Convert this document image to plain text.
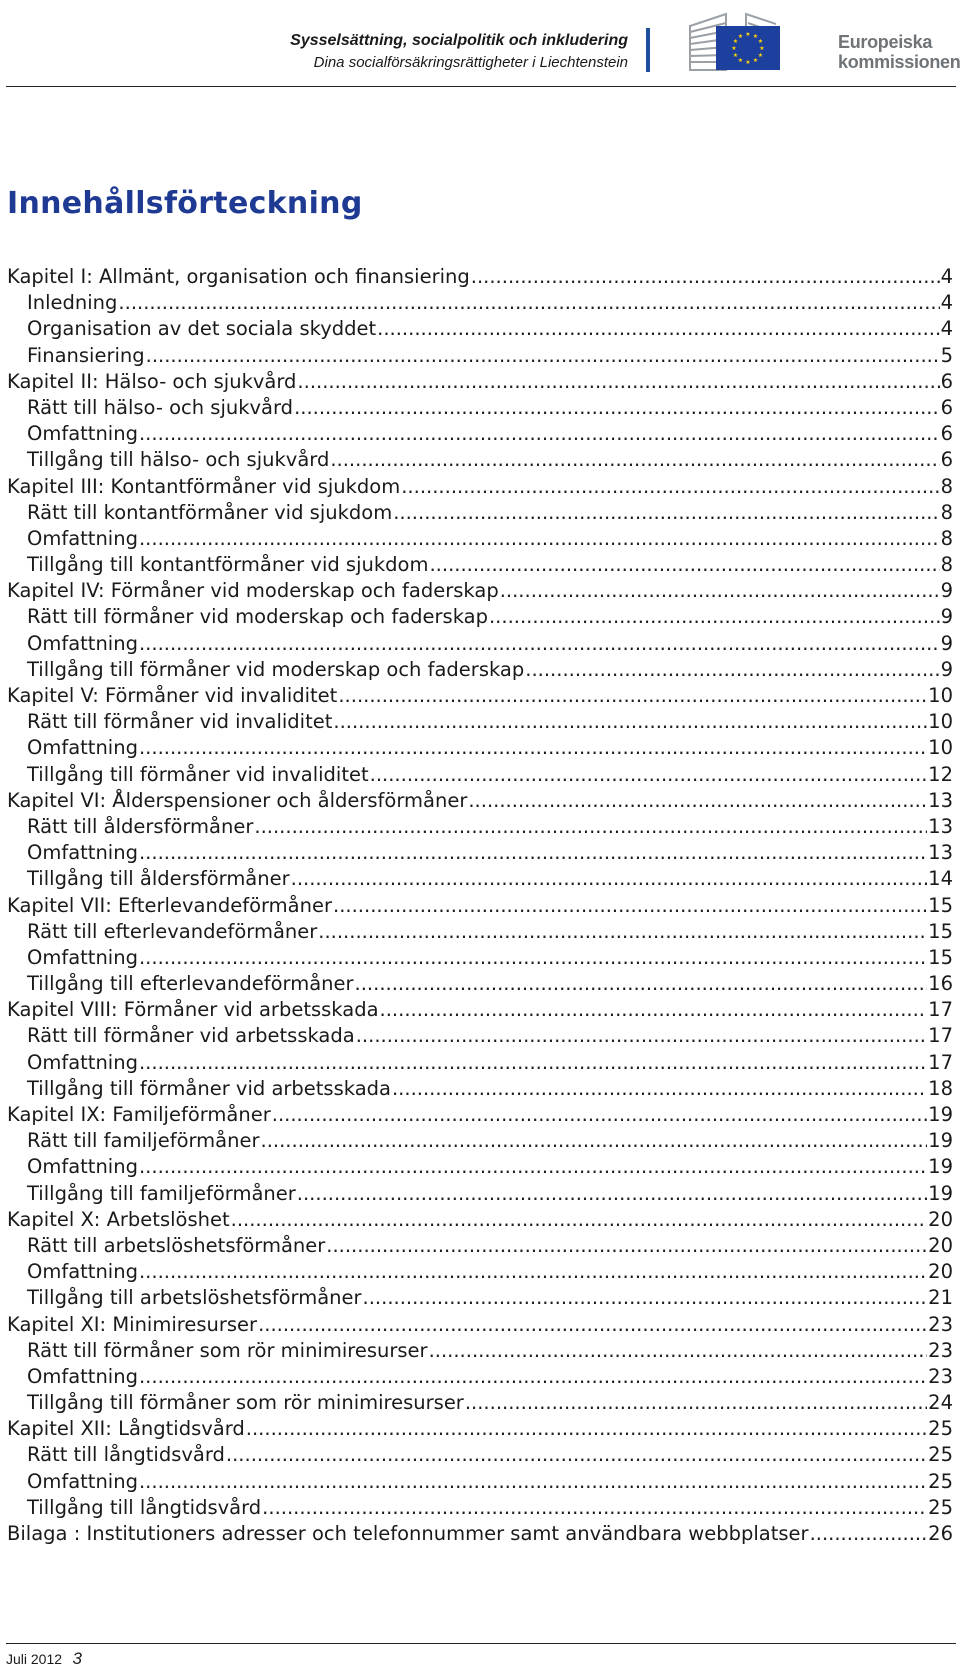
Sysselsättning, socialpolitik och inkludering
Dina socialförsäkringsrättigheter i Liechtenstein
★ ★
★
★
★
★
★
★
★
★
★
★	Europeiska
kommissionen
Innehållsförteckning
Kapitel I: Allmänt, organisation och finansiering .....	4
Inledning .....	4
Organisation av det sociala skyddet .....	4
Finansiering .....	5
Kapitel II: Hälso- och sjukvård .....	6
Rätt till hälso- och sjukvård .....	6
Omfattning .....	6
Tillgång till hälso- och sjukvård .....	6
Kapitel III: Kontantförmåner vid sjukdom .....	8
Rätt till kontantförmåner vid sjukdom .....	8
Omfattning .....	8
Tillgång till kontantförmåner vid sjukdom .....	8
Kapitel IV: Förmåner vid moderskap och faderskap .....	9
Rätt till förmåner vid moderskap och faderskap .....	9
Omfattning .....	9
Tillgång till förmåner vid moderskap och faderskap .....	9
Kapitel V: Förmåner vid invaliditet .....	10
Rätt till förmåner vid invaliditet .....	10
Omfattning .....	10
Tillgång till förmåner vid invaliditet .....	12
Kapitel VI: Ålderspensioner och åldersförmåner .....	13
Rätt till åldersförmåner .....	13
Omfattning .....	13
Tillgång till åldersförmåner .....	14
Kapitel VII: Efterlevandeförmåner .....	15
Rätt till efterlevandeförmåner .....	15
Omfattning .....	15
Tillgång till efterlevandeförmåner .....	16
Kapitel VIII: Förmåner vid arbetsskada .....	17
Rätt till förmåner vid arbetsskada .....	17
Omfattning .....	17
Tillgång till förmåner vid arbetsskada .....	18
Kapitel IX: Familjeförmåner .....	19
Rätt till familjeförmåner .....	19
Omfattning .....	19
Tillgång till familjeförmåner .....	19
Kapitel X: Arbetslöshet .....	20
Rätt till arbetslöshetsförmåner .....	20
Omfattning .....	20
Tillgång till arbetslöshetsförmåner .....	21
Kapitel XI: Minimiresurser .....	23
Rätt till förmåner som rör minimiresurser .....	23
Omfattning .....	23
Tillgång till förmåner som rör minimiresurser .....	24
Kapitel XII: Långtidsvård .....	25
Rätt till långtidsvård .....	25
Omfattning .....	25
Tillgång till långtidsvård .....	25
Bilaga : Institutioners adresser och telefonnummer samt användbara webbplatser .....	26
Juli 2012 3
